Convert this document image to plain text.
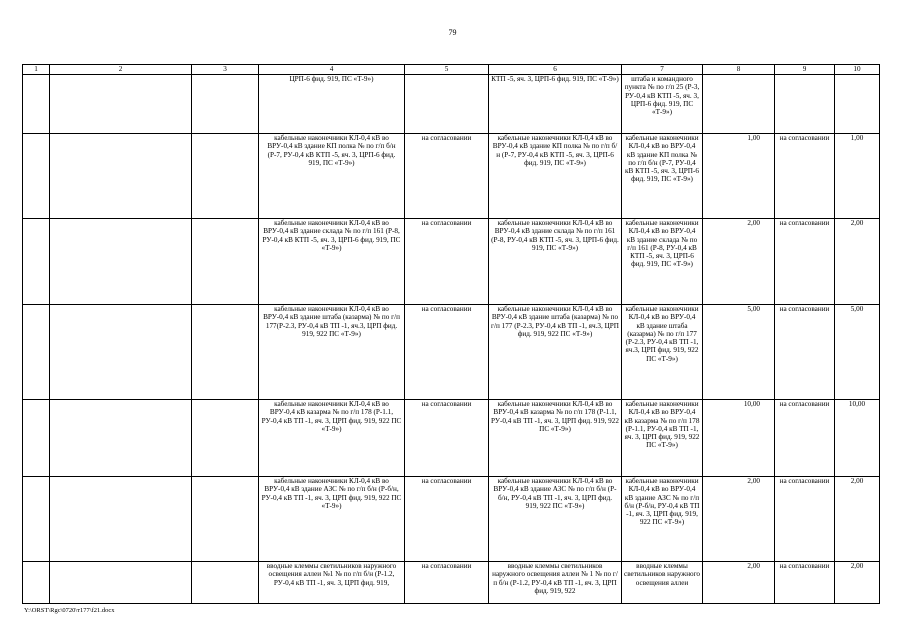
79
1	2	3	4	5	6	7	8	9	10
			ЦРП-6 фид. 919, ПС «Т-9»)		КТП -5, яч. 3, ЦРП-6 фид. 919, ПС «Т-9»)	штаба и командного пункта № по г/п 25 (Р-3, РУ-0,4 кВ КТП -5, яч. 3, ЦРП-6 фид. 919, ПС «Т-9»)			
			кабельные наконечники КЛ-0,4 кВ во ВРУ-0,4 кВ здание КП полка № по г/п б/н (Р-7, РУ-0,4 кВ КТП -5, яч. 3, ЦРП-6 фид. 919, ПС «Т-9»)	на согласовании	кабельные наконечники КЛ-0,4 кВ во ВРУ-0,4 кВ здание КП полка № по г/п б/н (Р-7, РУ-0,4 кВ КТП -5, яч. 3, ЦРП-6 фид. 919, ПС «Т-9»)	кабельные наконечники КЛ-0,4 кВ во ВРУ-0,4 кВ здание КП полка № по г/п б/н (Р-7, РУ-0,4 кВ КТП -5, яч. 3, ЦРП-6 фид. 919, ПС «Т-9»)	1,00	на согласовании	1,00
			кабельные наконечники КЛ-0,4 кВ во ВРУ-0,4 кВ здание склада № по г/п 161 (Р-8, РУ-0,4 кВ КТП -5, яч. 3, ЦРП-6 фид. 919, ПС «Т-9»)	на согласовании	кабельные наконечники КЛ-0,4 кВ во ВРУ-0,4 кВ здание склада № по г/п 161 (Р-8, РУ-0,4 кВ КТП -5, яч. 3, ЦРП-6 фид. 919, ПС «Т-9»)	кабельные наконечники КЛ-0,4 кВ во ВРУ-0,4 кВ здание склада № по г/п 161 (Р-8, РУ-0,4 кВ КТП -5, яч. 3, ЦРП-6 фид. 919, ПС «Т-9»)	2,00	на согласовании	2,00
			кабельные наконечники КЛ-0,4 кВ во ВРУ-0,4 кВ здание штаба (казарма) № по г/п 177(Р-2.3, РУ-0,4 кВ ТП -1, яч.3, ЦРП фид. 919, 922 ПС «Т-9»)	на согласовании	кабельные наконечники КЛ-0,4 кВ во ВРУ-0,4 кВ здание штаба (казарма) № по г/п 177 (Р-2.3, РУ-0,4 кВ ТП -1, яч.3, ЦРП фид. 919, 922 ПС «Т-9»)	кабельные наконечники КЛ-0,4 кВ во ВРУ-0,4 кВ здание штаба (казарма) № по г/п 177 (Р-2.3, РУ-0,4 кВ ТП -1, яч.3, ЦРП фид. 919, 922 ПС «Т-9»)	5,00	на согласовании	5,00
			кабельные наконечники КЛ-0,4 кВ во ВРУ-0,4 кВ казарма № по г/п 178 (Р-1.1, РУ-0,4 кВ ТП -1, яч. 3, ЦРП фид. 919, 922 ПС «Т-9»)	на согласовании	кабельные наконечники КЛ-0,4 кВ во ВРУ-0,4 кВ казарма № по г/п 178 (Р-1.1, РУ-0,4 кВ ТП -1, яч. 3, ЦРП фид. 919, 922 ПС «Т-9»)	кабельные наконечники КЛ-0,4 кВ во ВРУ-0,4 кВ казарма № по г/п 178 (Р-1.1, РУ-0,4 кВ ТП -1, яч. 3, ЦРП фид. 919, 922 ПС «Т-9»)	10,00	на согласовании	10,00
			кабельные наконечники КЛ-0,4 кВ во ВРУ-0,4 кВ здание АЗС № по г/п б/н (Р-б/н, РУ-0,4 кВ ТП -1, яч. 3, ЦРП фид. 919, 922 ПС «Т-9»)	на согласовании	кабельные наконечники КЛ-0,4 кВ во ВРУ-0,4 кВ здание АЗС № по г/п б/н (Р-б/н, РУ-0,4 кВ ТП -1, яч. 3, ЦРП фид. 919, 922 ПС «Т-9»)	кабельные наконечники КЛ-0,4 кВ во ВРУ-0,4 кВ здание АЗС № по г/п б/н (Р-б/н, РУ-0,4 кВ ТП -1, яч. 3, ЦРП фид. 919, 922 ПС «Т-9»)	2,00	на согласовании	2,00
			вводные клеммы светильников наружного освещения аллеи №1 № по г/п б/н (Р-1.2, РУ-0,4 кВ ТП -1, яч. 3, ЦРП фид. 919,	на согласовании	вводные клеммы светильников наружного освещения аллеи № 1 № по г/п б/н (Р-1.2, РУ-0,4 кВ ТП -1, яч. 3, ЦРП фид. 919, 922	вводные клеммы светильников наружного освещения аллеи	2,00	на согласовании	2,00
Y:\ORST\Rgc\0720\т177\f21.docx
